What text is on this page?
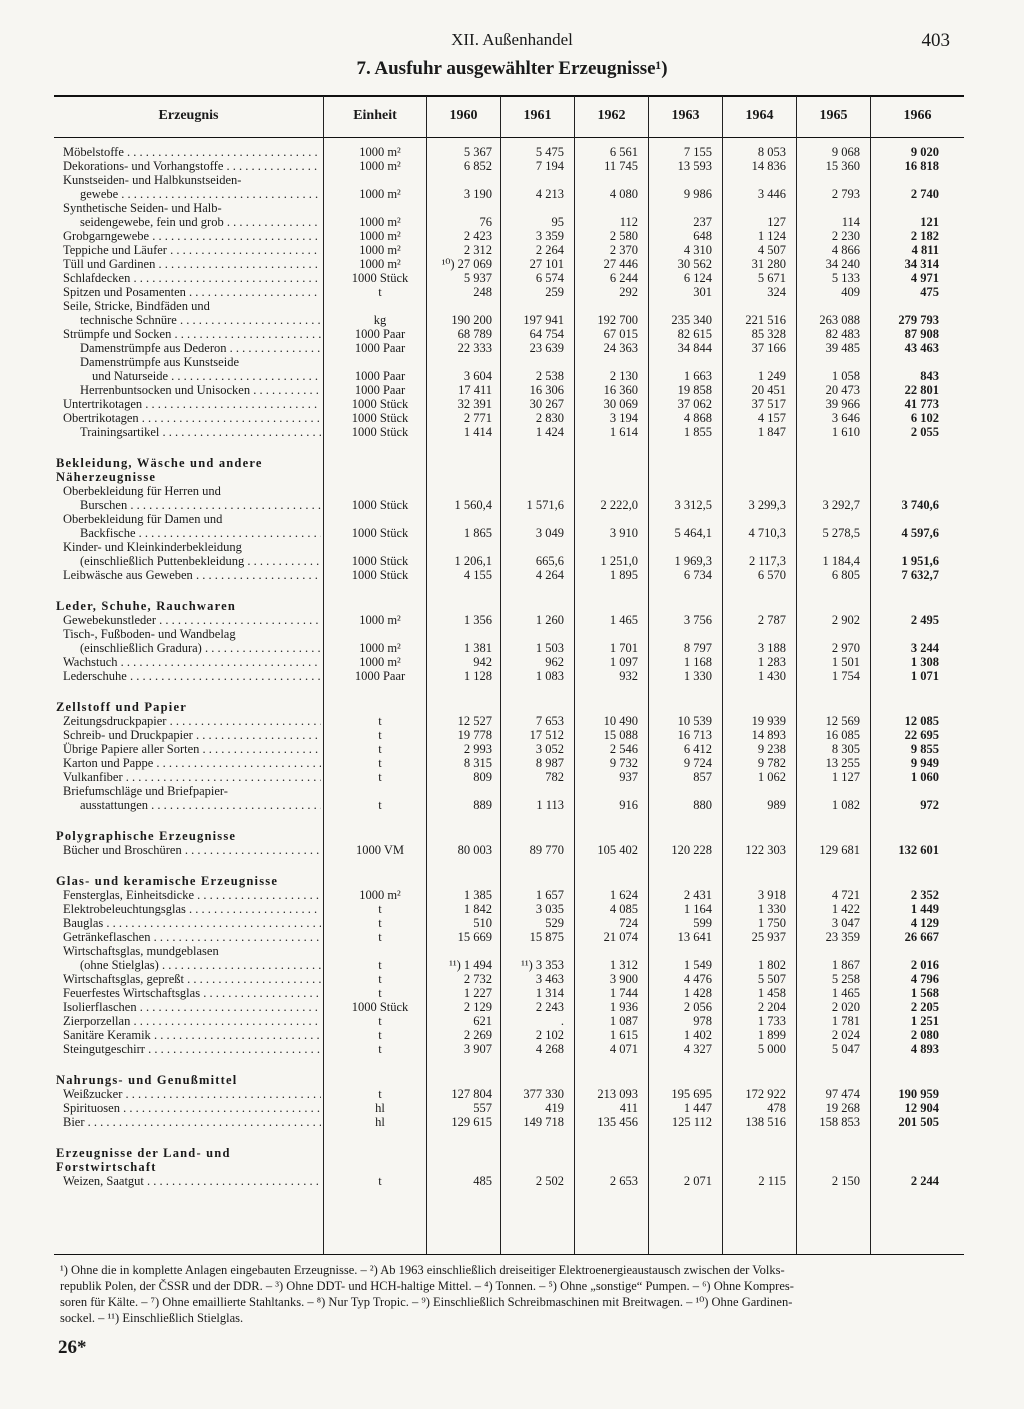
XII. Außenhandel	403
7. Ausfuhr ausgewählter Erzeugnisse¹)
Erzeugnis	Einheit	1960	1961	1962	1963	1964	1965	1966
Möbelstoffe . . .	1000 m²	5 367	5 475	6 561	7 155	8 053	9 068	9 020
Dekorations- und Vorhangstoffe . . .	1000 m²	6 852	7 194	11 745	13 593	14 836	15 360	16 818
Kunstseiden- und Halbkunstseiden-
gewebe . . .	1000 m²	3 190	4 213	4 080	9 986	3 446	2 793	2 740
Synthetische Seiden- und Halb-
seidengewebe, fein und grob . . .	1000 m²	76	95	112	237	127	114	121
Grobgarngewebe . . .	1000 m²	2 423	3 359	2 580	648	1 124	2 230	2 182
Teppiche und Läufer . . .	1000 m²	2 312	2 264	2 370	4 310	4 507	4 866	4 811
Tüll und Gardinen . . .	1000 m²	¹⁰) 27 069	27 101	27 446	30 562	31 280	34 240	34 314
Schlafdecken . . .	1000 Stück	5 937	6 574	6 244	6 124	5 671	5 133	4 971
Spitzen und Posamenten . . .	t	248	259	292	301	324	409	475
Seile, Stricke, Bindfäden und
technische Schnüre . . .	kg	190 200	197 941	192 700	235 340	221 516	263 088	279 793
Strümpfe und Socken . . .	1000 Paar	68 789	64 754	67 015	82 615	85 328	82 483	87 908
Damenstrümpfe aus Dederon . . .	1000 Paar	22 333	23 639	24 363	34 844	37 166	39 485	43 463
Damenstrümpfe aus Kunstseide
und Naturseide . . .	1000 Paar	3 604	2 538	2 130	1 663	1 249	1 058	843
Herrenbuntsocken und Unisocken . . .	1000 Paar	17 411	16 306	16 360	19 858	20 451	20 473	22 801
Untertrikotagen . . .	1000 Stück	32 391	30 267	30 069	37 062	37 517	39 966	41 773
Obertrikotagen . . .	1000 Stück	2 771	2 830	3 194	4 868	4 157	3 646	6 102
Trainingsartikel . . .	1000 Stück	1 414	1 424	1 614	1 855	1 847	1 610	2 055
Bekleidung, Wäsche und andere
Näherzeugnisse
Oberbekleidung für Herren und
Burschen . . .	1000 Stück	1 560,4	1 571,6	2 222,0	3 312,5	3 299,3	3 292,7	3 740,6
Oberbekleidung für Damen und
Backfische . . .	1000 Stück	1 865	3 049	3 910	5 464,1	4 710,3	5 278,5	4 597,6
Kinder- und Kleinkinderbekleidung
(einschließlich Puttenbekleidung . . .	1000 Stück	1 206,1	665,6	1 251,0	1 969,3	2 117,3	1 184,4	1 951,6
Leibwäsche aus Geweben . . .	1000 Stück	4 155	4 264	1 895	6 734	6 570	6 805	7 632,7
Leder, Schuhe, Rauchwaren
Gewebekunstleder . . .	1000 m²	1 356	1 260	1 465	3 756	2 787	2 902	2 495
Tisch-, Fußboden- und Wandbelag
(einschließlich Gradura) . . .	1000 m²	1 381	1 503	1 701	8 797	3 188	2 970	3 244
Wachstuch . . .	1000 m²	942	962	1 097	1 168	1 283	1 501	1 308
Lederschuhe . . .	1000 Paar	1 128	1 083	932	1 330	1 430	1 754	1 071
Zellstoff und Papier
Zeitungsdruckpapier . . .	t	12 527	7 653	10 490	10 539	19 939	12 569	12 085
Schreib- und Druckpapier . . .	t	19 778	17 512	15 088	16 713	14 893	16 085	22 695
Übrige Papiere aller Sorten . . .	t	2 993	3 052	2 546	6 412	9 238	8 305	9 855
Karton und Pappe . . .	t	8 315	8 987	9 732	9 724	9 782	13 255	9 949
Vulkanfiber . . .	t	809	782	937	857	1 062	1 127	1 060
Briefumschläge und Briefpapier-
ausstattungen . . .	t	889	1 113	916	880	989	1 082	972
Polygraphische Erzeugnisse
Bücher und Broschüren . . .	1000 VM	80 003	89 770	105 402	120 228	122 303	129 681	132 601
Glas- und keramische Erzeugnisse
Fensterglas, Einheitsdicke . . .	1000 m²	1 385	1 657	1 624	2 431	3 918	4 721	2 352
Elektrobeleuchtungsglas . . .	t	1 842	3 035	4 085	1 164	1 330	1 422	1 449
Bauglas . . .	t	510	529	724	599	1 750	3 047	4 129
Getränkeflaschen . . .	t	15 669	15 875	21 074	13 641	25 937	23 359	26 667
Wirtschaftsglas, mundgeblasen
(ohne Stielglas) . . .	t	¹¹) 1 494	¹¹) 3 353	1 312	1 549	1 802	1 867	2 016
Wirtschaftsglas, gepreßt . . .	t	2 732	3 463	3 900	4 476	5 507	5 258	4 796
Feuerfestes Wirtschaftsglas . . .	t	1 227	1 314	1 744	1 428	1 458	1 465	1 568
Isolierflaschen . . .	1000 Stück	2 129	2 243	1 936	2 056	2 204	2 020	2 205
Zierporzellan . . .	t	621	.	1 087	978	1 733	1 781	1 251
Sanitäre Keramik . . .	t	2 269	2 102	1 615	1 402	1 899	2 024	2 080
Steingutgeschirr . . .	t	3 907	4 268	4 071	4 327	5 000	5 047	4 893
Nahrungs- und Genußmittel
Weißzucker . . .	t	127 804	377 330	213 093	195 695	172 922	97 474	190 959
Spirituosen . . .	hl	557	419	411	1 447	478	19 268	12 904
Bier . . .	hl	129 615	149 718	135 456	125 112	138 516	158 853	201 505
Erzeugnisse der Land- und
Forstwirtschaft
Weizen, Saatgut . . .	t	485	2 502	2 653	2 071	2 115	2 150	2 244
¹) Ohne die in komplette Anlagen eingebauten Erzeugnisse. – ²) Ab 1963 einschließlich dreiseitiger Elektroenergieaustausch zwischen der Volks-
republik Polen, der ČSSR und der DDR. – ³) Ohne DDT- und HCH-haltige Mittel. – ⁴) Tonnen. – ⁵) Ohne „sonstige“ Pumpen. – ⁶) Ohne Kompres-
soren für Kälte. – ⁷) Ohne emaillierte Stahltanks. – ⁸) Nur Typ Tropic. – ⁹) Einschließlich Schreibmaschinen mit Breitwagen. – ¹⁰) Ohne Gardinen-
sockel. – ¹¹) Einschließlich Stielglas.
26*
